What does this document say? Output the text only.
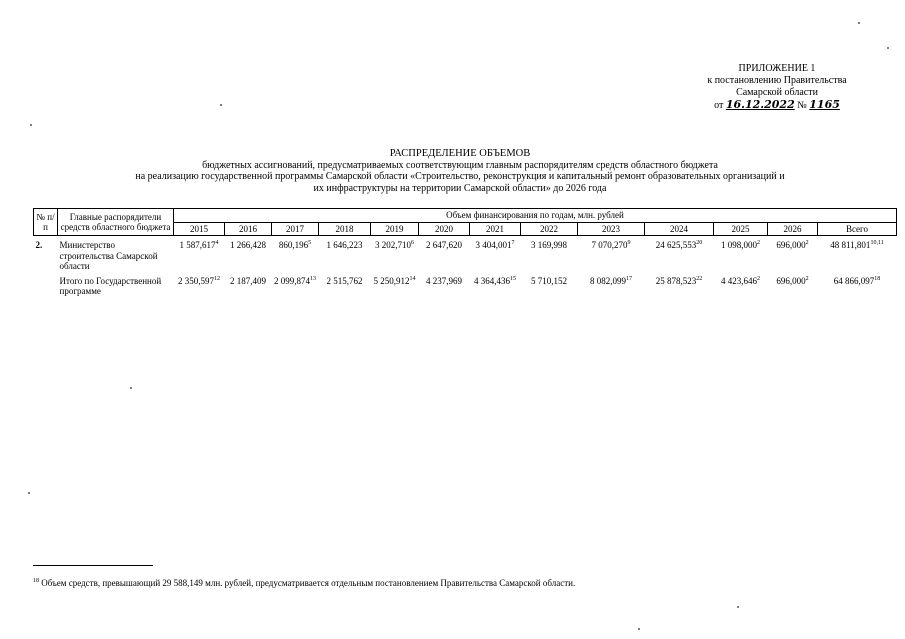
ПРИЛОЖЕНИЕ 1
к постановлению Правительства
Самарской области
от 16.12.2022 № 1165
РАСПРЕДЕЛЕНИЕ ОБЪЕМОВ
бюджетных ассигнований, предусматриваемых соответствующим главным распорядителям средств областного бюджета
на реализацию государственной программы Самарской области «Строительство, реконструкция и капитальный ремонт образовательных организаций и
их инфраструктуры на территории Самарской области» до 2026 года
№ п/п	Главные распорядители средств областного бюджета	Объем финансирования по годам, млн. рублей												
		2015	2016	2017	2018	2019	2020	2021	2022	2023	2024	2025	2026	Всего
2.	Министерство строительства Самарской области	1 587,617$^4$	1 266,428	860,196$^5$	1 646,223	3 202,710$^6$	2 647,620	3 404,001$^7$	3 169,998	7 070,270$^9$	24 625,553$^{20}$	1 098,000$^2$	696,000$^2$	48 811,801$^{10,11}$
	Итого по Государственной программе	2 350,597$^{12}$	2 187,409	2 099,874$^{13}$	2 515,762	5 250,912$^{14}$	4 237,969	4 364,436$^{15}$	5 710,152	8 082,099$^{17}$	25 878,523$^{22}$	4 423,646$^2$	696,000$^2$	64 866,097$^{18}$
$^{18}$ Объем средств, превышающий 29 588,149 млн. рублей, предусматривается отдельным постановлением Правительства Самарской области.
